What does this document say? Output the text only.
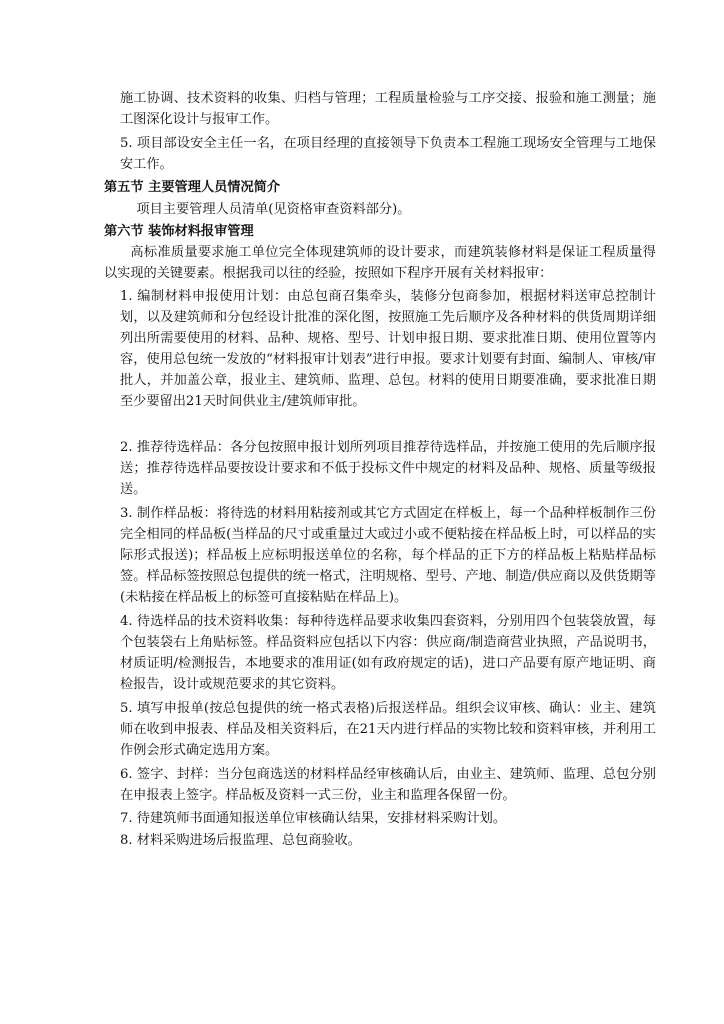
施工协调、技术资料的收集、归档与管理；工程质量检验与工序交接、报验和施工测量；施工图深化设计与报审工作。

5. 项目部设安全主任一名，在项目经理的直接领导下负责本工程施工现场安全管理与工地保安工作。

第五节 主要管理人员情况简介

项目主要管理人员清单(见资格审查资料部分)。

第六节 装饰材料报审管理

高标准质量要求施工单位完全体现建筑师的设计要求，而建筑装修材料是保证工程质量得以实现的关键要素。根据我司以往的经验，按照如下程序开展有关材料报审：

1. 编制材料申报使用计划：由总包商召集牵头，装修分包商参加，根据材料送审总控制计划，以及建筑师和分包经设计批准的深化图，按照施工先后顺序及各种材料的供货周期详细列出所需要使用的材料、品种、规格、型号、计划申报日期、要求批准日期、使用位置等内容，使用总包统一发放的“材料报审计划表”进行申报。要求计划要有封面、编制人、审核/审批人，并加盖公章，报业主、建筑师、监理、总包。材料的使用日期要准确，要求批准日期至少要留出21天时间供业主/建筑师审批。

2. 推荐待选样品：各分包按照申报计划所列项目推荐待选样品，并按施工使用的先后顺序报送；推荐待选样品要按设计要求和不低于投标文件中规定的材料及品种、规格、质量等级报送。

3. 制作样品板：将待选的材料用粘接剂或其它方式固定在样板上，每一个品种样板制作三份完全相同的样品板(当样品的尺寸或重量过大或过小或不便粘接在样品板上时，可以样品的实际形式报送)；样品板上应标明报送单位的名称，每个样品的正下方的样品板上粘贴样品标签。样品标签按照总包提供的统一格式，注明规格、型号、产地、制造/供应商以及供货期等(未粘接在样品板上的标签可直接粘贴在样品上)。

4. 待选样品的技术资料收集：每种待选样品要求收集四套资料，分别用四个包装袋放置，每个包装袋右上角贴标签。样品资料应包括以下内容：供应商/制造商营业执照，产品说明书，材质证明/检测报告，本地要求的准用证(如有政府规定的话)，进口产品要有原产地证明、商检报告，设计或规范要求的其它资料。

5. 填写申报单(按总包提供的统一格式表格)后报送样品。组织会议审核、确认：业主、建筑师在收到申报表、样品及相关资料后，在21天内进行样品的实物比较和资料审核，并利用工作例会形式确定选用方案。

6. 签字、封样：当分包商选送的材料样品经审核确认后，由业主、建筑师、监理、总包分别在申报表上签字。样品板及资料一式三份，业主和监理各保留一份。

7. 待建筑师书面通知报送单位审核确认结果，安排材料采购计划。

8. 材料采购进场后报监理、总包商验收。
